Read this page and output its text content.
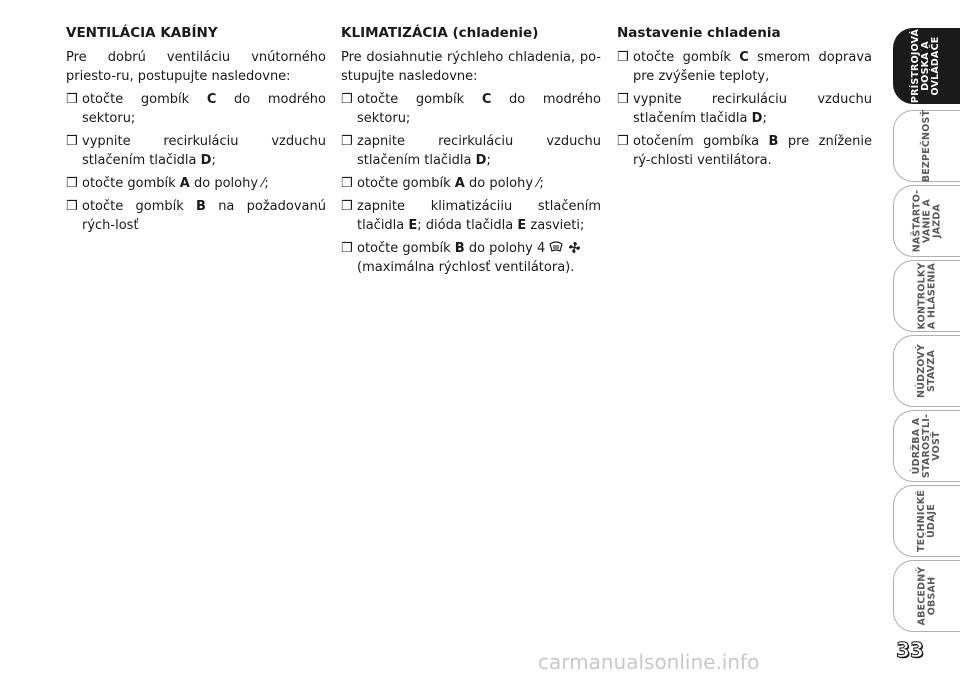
VENTILÁCIA KABÍNY
Pre dobrú ventiláciu vnútorného priesto-ru, postupujte nasledovne:
❒ otočte gombík C do modrého sektoru;
❒ vypnite recirkuláciu vzduchu stlačením tlačidla D;
❒ otočte gombík A do polohy ⁄;
❒ otočte gombík B na požadovanú rých-losť
KLIMATIZÁCIA (chladenie)
Pre dosiahnutie rýchleho chladenia, po-stupujte nasledovne:
❒ otočte gombík C do modrého sektoru;
❒ zapnite recirkuláciu vzduchu stlačením tlačidla D;
❒ otočte gombík A do polohy ⁄;
❒ zapnite klimatizáciiu stlačením tlačidla E; dióda tlačidla E zasvieti;
❒ otočte gombík B do polohy 4
(maximálna rýchlosť ventilátora).
Nastavenie chladenia
❒ otočte gombík C smerom doprava pre zvýšenie teploty,
❒ vypnite recirkuláciu vzduchu stlačením tlačidla D;
❒ otočením gombíka B pre zníženie rý-chlosti ventilátora.
PRÍSTROJOVÁ
DOSKA A
OVLÁDAČE
BEZPEČNOSŤ
NAŠTARTO-
VANIE A
JAZDA
KONTROLKY
A HLÁSENIA
NÚDZOVÝ
STAVZA
ÚDRŽBA A
STAROSTLI-
VOSŤ
TECHNICKÉ
ÚDAJE
ABECEDNÝ
OBSAH
33
carmanualsonline.info
